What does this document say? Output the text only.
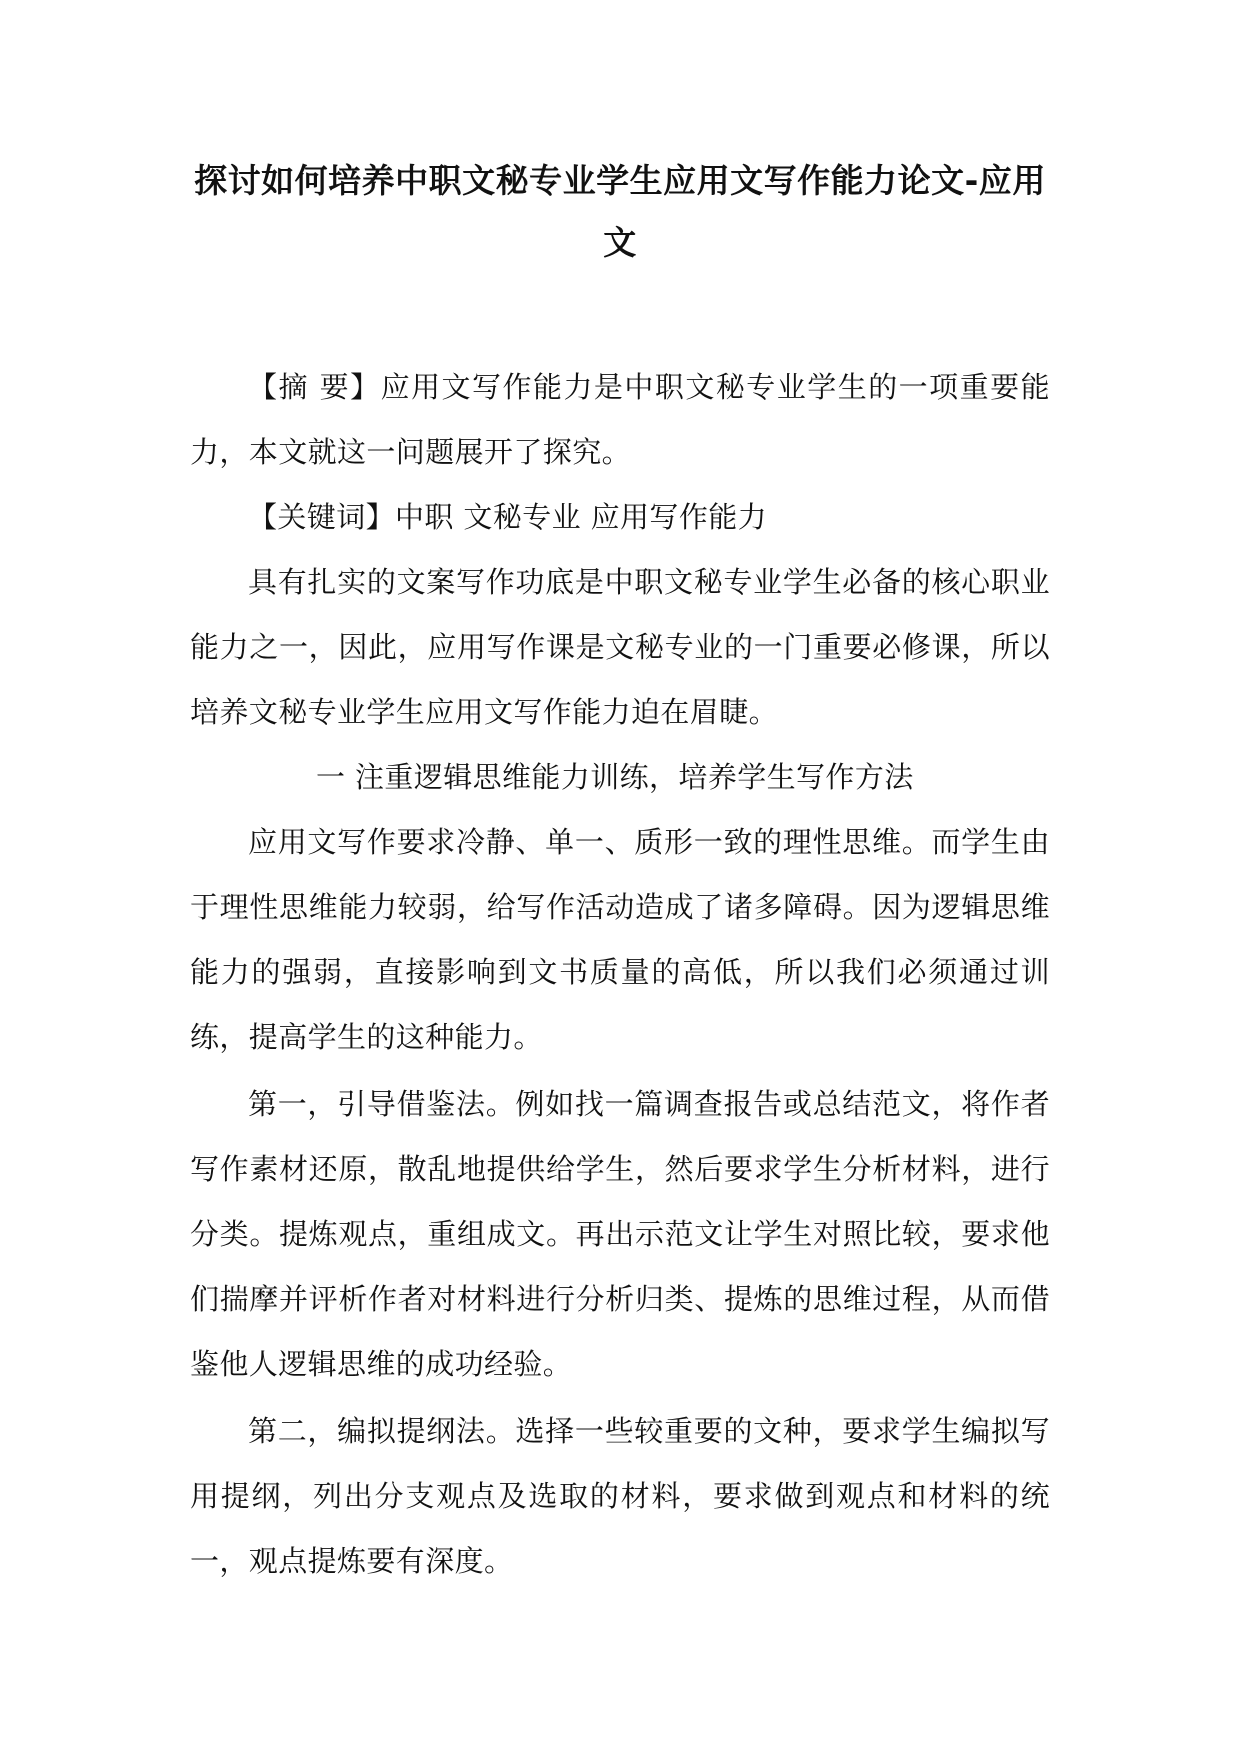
探讨如何培养中职文秘专业学生应用文写作能力论文-应用文

【摘 要】应用文写作能力是中职文秘专业学生的一项重要能力，本文就这一问题展开了探究。

【关键词】中职 文秘专业 应用写作能力

具有扎实的文案写作功底是中职文秘专业学生必备的核心职业能力之一，因此，应用写作课是文秘专业的一门重要必修课，所以培养文秘专业学生应用文写作能力迫在眉睫。

一 注重逻辑思维能力训练，培养学生写作方法

应用文写作要求冷静、单一、质形一致的理性思维。而学生由于理性思维能力较弱，给写作活动造成了诸多障碍。因为逻辑思维能力的强弱，直接影响到文书质量的高低，所以我们必须通过训练，提高学生的这种能力。

第一，引导借鉴法。例如找一篇调查报告或总结范文，将作者写作素材还原，散乱地提供给学生，然后要求学生分析材料，进行分类。提炼观点，重组成文。再出示范文让学生对照比较，要求他们揣摩并评析作者对材料进行分析归类、提炼的思维过程，从而借鉴他人逻辑思维的成功经验。

第二，编拟提纲法。选择一些较重要的文种，要求学生编拟写用提纲，列出分支观点及选取的材料，要求做到观点和材料的统一，观点提炼要有深度。
